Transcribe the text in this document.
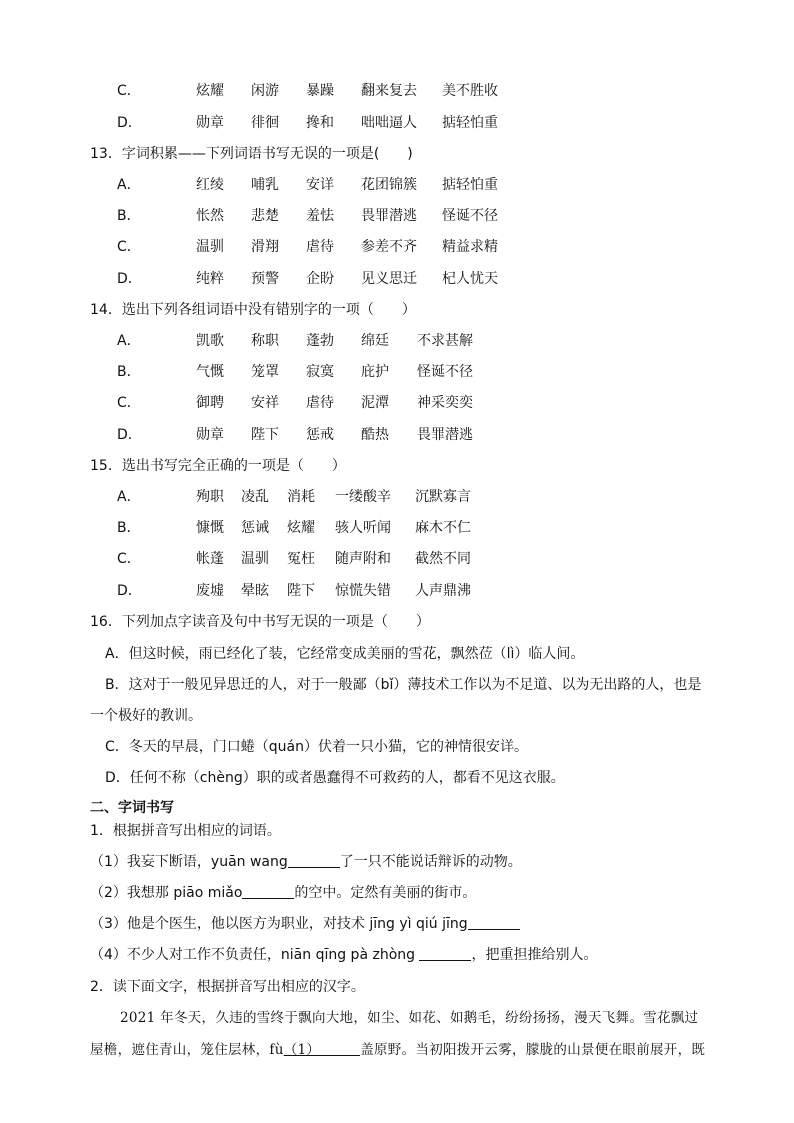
C．	炫耀 闲游 暴躁 翻来复去 美不胜收
D．	勋章 徘徊 搀和 咄咄逼人 掂轻怕重
13．字词积累——下列词语书写无误的一项是(　　)
A．	红绫 哺乳 安详 花团锦簇 掂轻怕重
B．	怅然 悲楚 羞怯 畏罪潜逃 怪诞不径
C．	温驯 滑翔 虐待 参差不齐 精益求精
D．	纯粹 预警 企盼 见义思迁 杞人忧天
14．选出下列各组词语中没有错别字的一项（　　）
A．	凯歌 称职 蓬勃 绵廷 不求甚解
B．	气慨 笼罩 寂寞 庇护 怪诞不径
C．	御聘 安祥 虐待 泥潭 神采奕奕
D．	勋章 陛下 惩戒 酷热 畏罪潜逃
15．选出书写完全正确的一项是（　　）
A．	殉职 凌乱 消耗 一缕酸辛 沉默寡言
B．	慷慨 惩诫 炫耀 骇人听闻 麻木不仁
C．	帐蓬 温驯 冤枉 随声附和 截然不同
D．	废墟 晕眩 陛下 惊慌失错 人声鼎沸
16．下列加点字读音及句中书写无误的一项是（　　）
A．但这时候，雨已经化了装，它经常变成美丽的雪花，飘然莅（lì）临人间。
B．这对于一般见异思迁的人，对于一般鄙（bǐ）薄技术工作以为不足道、以为无出路的人，也是
一个极好的教训。
C．冬天的早晨，门口蜷（quán）伏着一只小猫，它的神情很安详。
D．任何不称（chèng）职的或者愚蠢得不可救药的人，都看不见这衣服。
二、字词书写
1．根据拼音写出相应的词语。
（1）我妄下断语，yuān wang	了一只不能说话辩诉的动物。
（2）我想那 piāo miǎo	的空中。定然有美丽的街市。
（3）他是个医生，他以医方为职业，对技术 jīng yì qiú jīng
（4）不少人对工作不负责任，niān qīng pà zhòng	，把重担推给别人。
2．读下面文字，根据拼音写出相应的汉字。
2021 年冬天，久违的雪终于飘向大地，如尘、如花、如鹅毛，纷纷扬扬，漫天飞舞。雪花飘过
屋檐，遮住青山，笼住层林，fù（1）	盖原野。当初阳拨开云雾，朦胧的山景便在眼前展开，既
